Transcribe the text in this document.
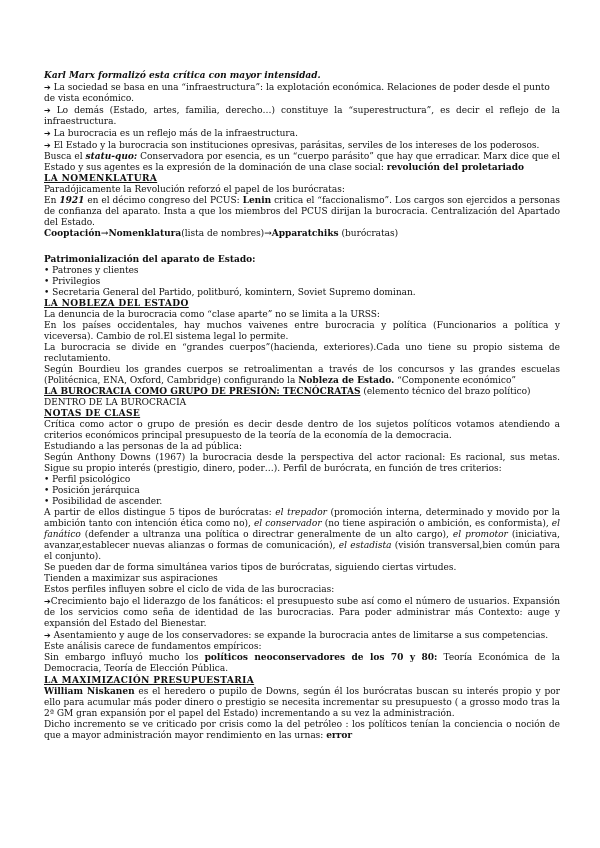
Karl Marx formalizó esta crítica con mayor intensidad.

➔ La sociedad se basa en una “infraestructura”: la explotación económica. Relaciones de poder desde el punto de vista económico.

➔ Lo demás (Estado, artes, familia, derecho…) constituye la “superestructura”, es decir el reflejo de la infraestructura.

➔ La burocracia es un reflejo más de la infraestructura.

➔ El Estado y la burocracia son instituciones opresivas, parásitas, serviles de los intereses de los poderosos.

Busca el statu-quo: Conservadora por esencia, es un “cuerpo parásito” que hay que erradicar. Marx dice que el Estado y sus agentes es la expresión de la dominación de una clase social: revolución del proletariado

LA NOMENKLATURA

Paradójicamente la Revolución reforzó el papel de los burócratas:

En 1921 en el décimo congreso del PCUS: Lenin critica el “faccionalismo”. Los cargos son ejercidos a personas de confianza del aparato. Insta a que los miembros del PCUS dirijan la burocracia. Centralización del Apartado del Estado.

Cooptación→Nomenklatura(lista de nombres)→Apparatchiks (burócratas)

Patrimonialización del aparato de Estado:

• Patrones y clientes

• Privilegios

• Secretaria General del Partido, politburó, komintern, Soviet Supremo dominan.

LA NOBLEZA DEL ESTADO

La denuncia de la burocracia como “clase aparte” no se limita a la URSS:

En los países occidentales, hay muchos vaivenes entre burocracia y política (Funcionarios a política y viceversa). Cambio de rol.El sistema legal lo permite.

La burocracia se divide en “grandes cuerpos”(hacienda, exteriores).Cada uno tiene su propio sistema de reclutamiento.

Según Bourdieu los grandes cuerpos se retroalimentan a través de los concursos y las grandes escuelas (Politécnica, ENA, Oxford, Cambridge) configurando la Nobleza de Estado. “Componente económico”

LA BUROCRACIA COMO GRUPO DE PRESIÓN: TECNÓCRATAS (elemento técnico del brazo político)

DENTRO DE LA BUROCRACIA

NOTAS DE CLASE

Crítica como actor o grupo de presión es decir desde dentro de los sujetos políticos votamos atendiendo a criterios económicos principal presupuesto de la teoría de la economía de la democracia.

Estudiando a las personas de la ad pública:

Según Anthony Downs (1967) la burocracia desde la perspectiva del actor racional: Es racional, sus metas. Sigue su propio interés (prestigio, dinero, poder…). Perfil de burócrata, en función de tres criterios:

• Perfil psicológico

• Posición jerárquica

• Posibilidad de ascender.

A partir de ellos distingue 5 tipos de burócratas: el trepador (promoción interna, determinado y movido por la ambición tanto con intención ética como no), el conservador (no tiene aspiración o ambición, es conformista), el fanático (defender a ultranza una política o directrar generalmente de un alto cargo), el promotor (iniciativa, avanzar,establecer nuevas alianzas o formas de comunicación), el estadista (visión transversal,bien común para el conjunto).

Se pueden dar de forma simultánea varios tipos de burócratas, siguiendo ciertas virtudes.

Tienden a maximizar sus aspiraciones

Estos perfiles influyen sobre el ciclo de vida de las burocracias:

➔Crecimiento bajo el liderazgo de los fanáticos: el presupuesto sube así como el número de usuarios. Expansión de los servicios como seña de identidad de las burocracias. Para poder administrar más Contexto: auge y expansión del Estado del Bienestar.

➔ Asentamiento y auge de los conservadores: se expande la burocracia antes de limitarse a sus competencias.

Este análisis carece de fundamentos empíricos:

Sin embargo influyó mucho los políticos neoconservadores de los 70 y 80: Teoría Económica de la Democracia, Teoría de Elección Pública.

LA MAXIMIZACIÓN PRESUPUESTARIA

William Niskanen es el heredero o pupilo de Downs, según él los burócratas buscan su interés propio y por ello para acumular más poder dinero o prestigio se necesita incrementar su presupuesto ( a grosso modo tras la 2ª GM gran expansión por el papel del Estado) incrementando a su vez la administración.

Dicho incremento se ve criticado por crisis como la del petróleo : los políticos tenían la conciencia o noción de que a mayor administración mayor rendimiento en las urnas: error
